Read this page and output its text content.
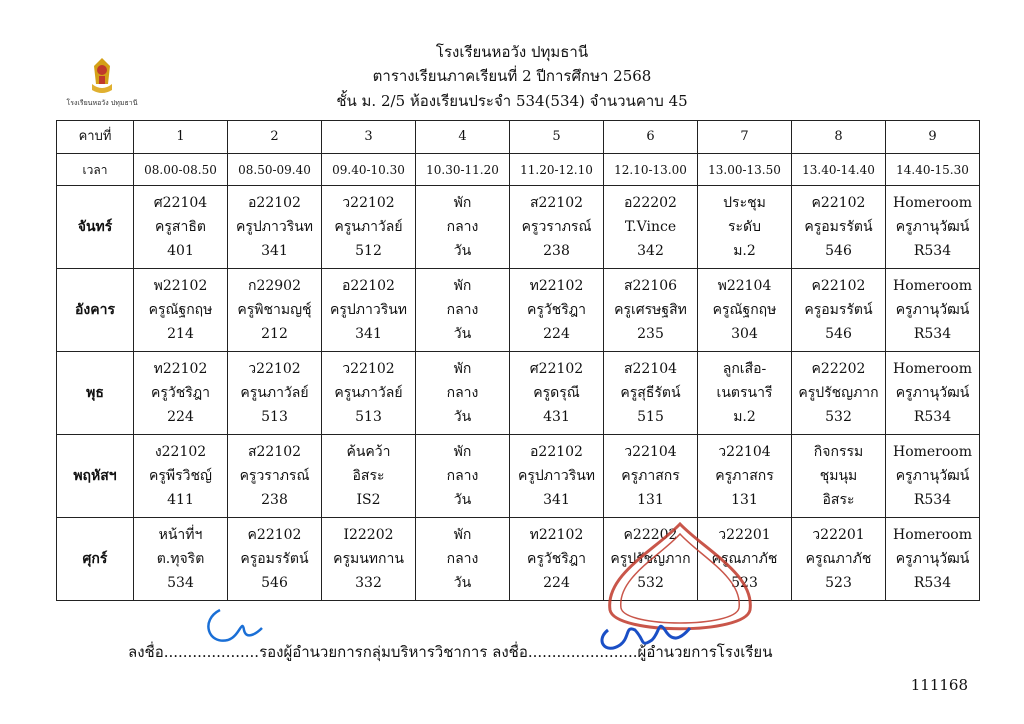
โรงเรียนหอวัง ปทุมธานี
โรงเรียนหอวัง ปทุมธานี
ตารางเรียนภาคเรียนที่ 2 ปีการศึกษา 2568
ชั้น ม. 2/5 ห้องเรียนประจำ 534(534) จำนวนคาบ 45
คาบที่	1	2	3	4	5	6	7	8	9
เวลา	08.00-08.50	08.50-09.40	09.40-10.30	10.30-11.20	11.20-12.10	12.10-13.00	13.00-13.50	13.40-14.40	14.40-15.30
จันทร์	ศ22104
ครูสาธิต
401	อ22102
ครูปภาวรินท
341	ว22102
ครูนภาวัลย์
512	พัก
กลาง
วัน	ส22102
ครูวราภรณ์
238	อ22202
T.Vince
342	ประชุม
ระดับ
ม.2	ค22102
ครูอมรรัตน์
546	Homeroom
ครูภานุวัฒน์
R534

อังคาร	พ22102
ครูณัฐกฤษ
214	ก22902
ครูพิชามญชุ์
212	อ22102
ครูปภาวรินท
341	พัก
กลาง
วัน	ท22102
ครูวัชริฎา
224	ส22106
ครูเศรษฐสิท
235	พ22104
ครูณัฐกฤษ
304	ค22102
ครูอมรรัตน์
546	Homeroom
ครูภานุวัฒน์
R534

พุธ	ท22102
ครูวัชริฎา
224	ว22102
ครูนภาวัลย์
513	ว22102
ครูนภาวัลย์
513	พัก
กลาง
วัน	ศ22102
ครูดรุณี
431	ส22104
ครูสุธีรัตน์
515	ลูกเสือ-
เนตรนารี
ม.2	ค22202
ครูปรัชญภาก
532	Homeroom
ครูภานุวัฒน์
R534

พฤหัสฯ	ง22102
ครูพีรวิชญ์
411	ส22102
ครูวราภรณ์
238	ค้นคว้า
อิสระ
IS2	พัก
กลาง
วัน	อ22102
ครูปภาวรินท
341	ว22104
ครูภาสกร
131	ว22104
ครูภาสกร
131	กิจกรรม
ชุมนุม
อิสระ	Homeroom
ครูภานุวัฒน์
R534

ศุกร์	หน้าที่ฯ
ต.ทุจริต
534	ค22102
ครูอมรรัตน์
546	I22202
ครูมนทกาน
332	พัก
กลาง
วัน	ท22102
ครูวัชริฎา
224	ค22202
ครูปรัชญภาก
532	ว22201
ครูณภาภัช
523	ว22201
ครูณภาภัช
523	Homeroom
ครูภานุวัฒน์
R534
ลงชื่อ....................รองผู้อำนวยการกลุ่มบริหารวิชาการ ลงชื่อ.......................ผู้อำนวยการโรงเรียน
111168
